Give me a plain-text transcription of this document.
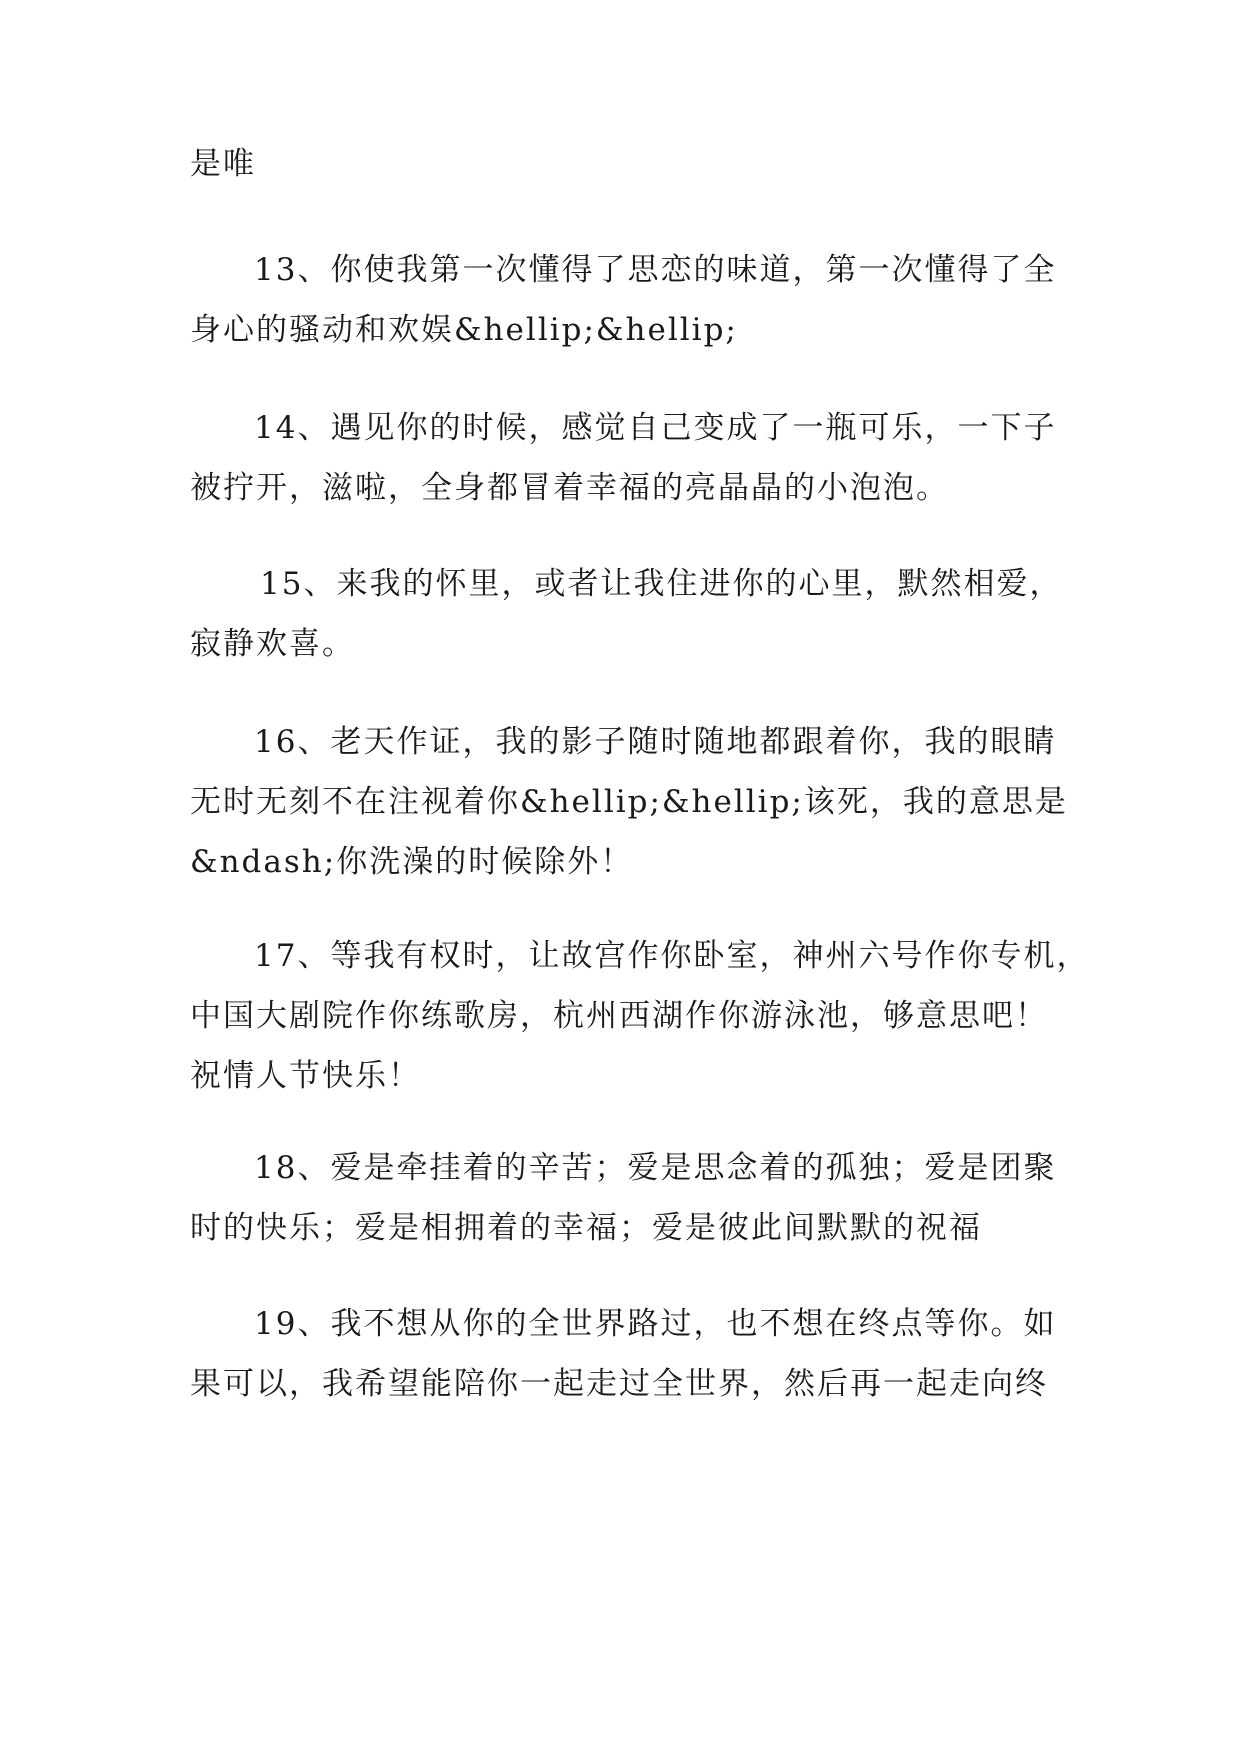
是唯
13、你使我第一次懂得了思恋的味道，第一次懂得了全
身心的骚动和欢娱&hellip;&hellip;
14、遇见你的时候，感觉自己变成了一瓶可乐，一下子
被拧开，滋啦，全身都冒着幸福的亮晶晶的小泡泡。
15、来我的怀里，或者让我住进你的心里，默然相爱，
寂静欢喜。
16、老天作证，我的影子随时随地都跟着你，我的眼睛
无时无刻不在注视着你&hellip;&hellip;该死，我的意思是
&ndash;你洗澡的时候除外！
17、等我有权时，让故宫作你卧室，神州六号作你专机，
中国大剧院作你练歌房，杭州西湖作你游泳池，够意思吧！
祝情人节快乐！
18、爱是牵挂着的辛苦；爱是思念着的孤独；爱是团聚
时的快乐；爱是相拥着的幸福；爱是彼此间默默的祝福
19、我不想从你的全世界路过，也不想在终点等你。如
果可以，我希望能陪你一起走过全世界，然后再一起走向终
